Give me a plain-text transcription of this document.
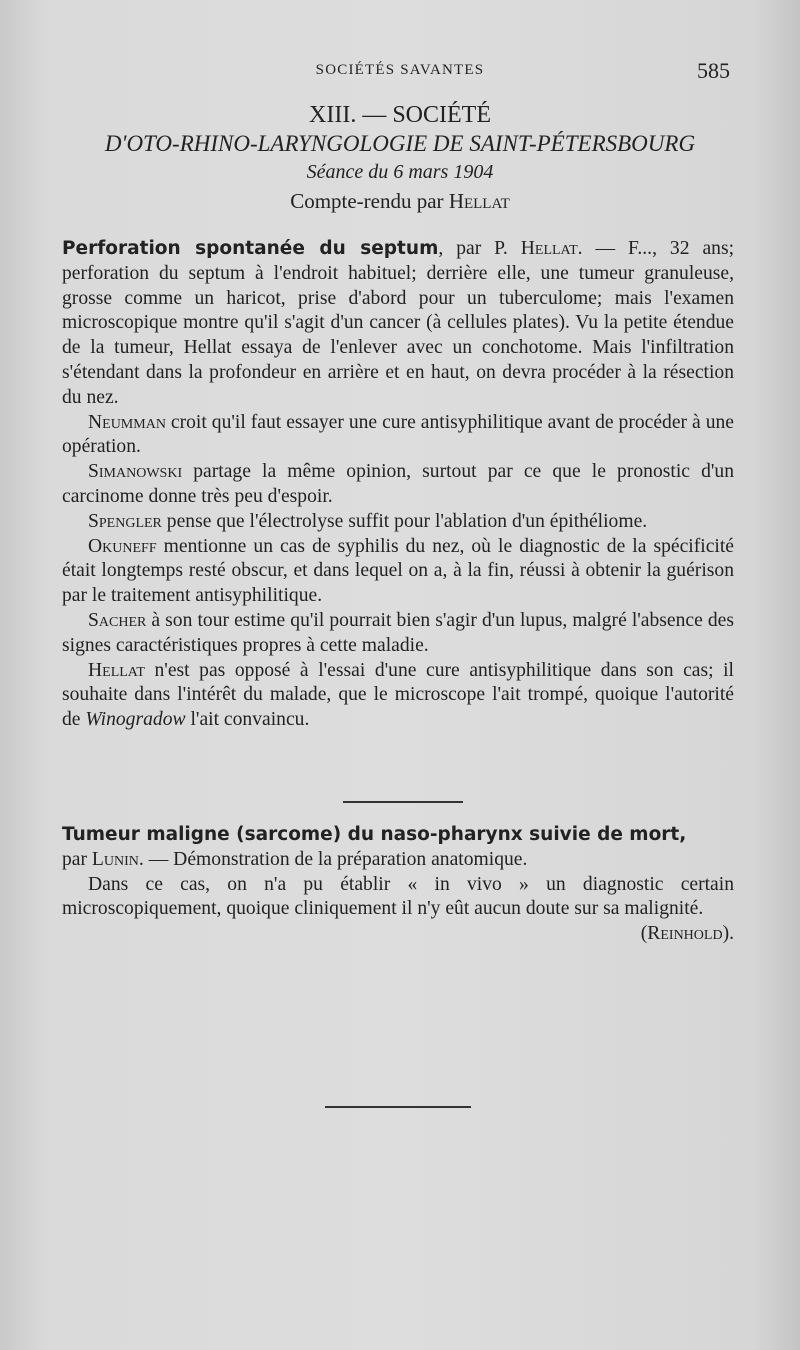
SOCIÉTÉS SAVANTES	585
XIII. — SOCIÉTÉ
D'OTO-RHINO-LARYNGOLOGIE DE SAINT-PÉTERSBOURG
Séance du 6 mars 1904
Compte-rendu par Hellat

Perforation spontanée du septum, par P. Hellat. — F..., 32 ans; perforation du septum à l'endroit habituel; derrière elle, une tumeur granuleuse, grosse comme un haricot, prise d'abord pour un tuberculome; mais l'examen microscopique montre qu'il s'agit d'un cancer (à cellules plates). Vu la petite étendue de la tumeur, Hellat essaya de l'enlever avec un conchotome. Mais l'infiltration s'étendant dans la profondeur en arrière et en haut, on devra procéder à la résection du nez.

Neumman croit qu'il faut essayer une cure antisyphilitique avant de procéder à une opération.

Simanowski partage la même opinion, surtout par ce que le pronostic d'un carcinome donne très peu d'espoir.

Spengler pense que l'électrolyse suffit pour l'ablation d'un épithéliome.

Okuneff mentionne un cas de syphilis du nez, où le diagnostic de la spécificité était longtemps resté obscur, et dans lequel on a, à la fin, réussi à obtenir la guérison par le traitement antisyphilitique.

Sacher à son tour estime qu'il pourrait bien s'agir d'un lupus, malgré l'absence des signes caractéristiques propres à cette maladie.

Hellat n'est pas opposé à l'essai d'une cure antisyphilitique dans son cas; il souhaite dans l'intérêt du malade, que le microscope l'ait trompé, quoique l'autorité de Winogradow l'ait convaincu.

Tumeur maligne (sarcome) du naso-pharynx suivie de mort,

par Lunin. — Démonstration de la préparation anatomique.

Dans ce cas, on n'a pu établir « in vivo » un diagnostic certain microscopiquement, quoique cliniquement il n'y eût aucun doute sur sa malignité.
(Reinhold).
